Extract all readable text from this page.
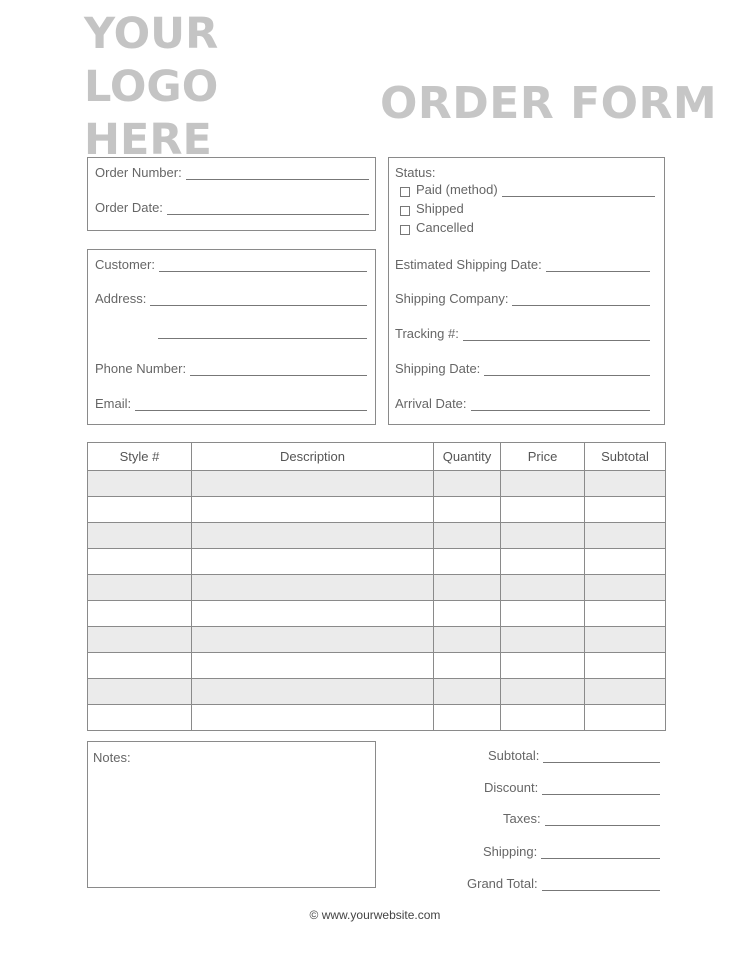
YOUR
LOGO
HERE
ORDER FORM
Order Number:
Order Date:
Customer:
Address:
Phone Number:
Email:
Status:
Paid (method)
Shipped
Cancelled
Estimated Shipping Date:
Shipping Company:
Tracking #:
Shipping Date:
Arrival Date:
Style #	Description	Quantity	Price	Subtotal

Notes:	Subtotal:
Discount:
Taxes:
Shipping:
Grand Total:
© www.yourwebsite.com
